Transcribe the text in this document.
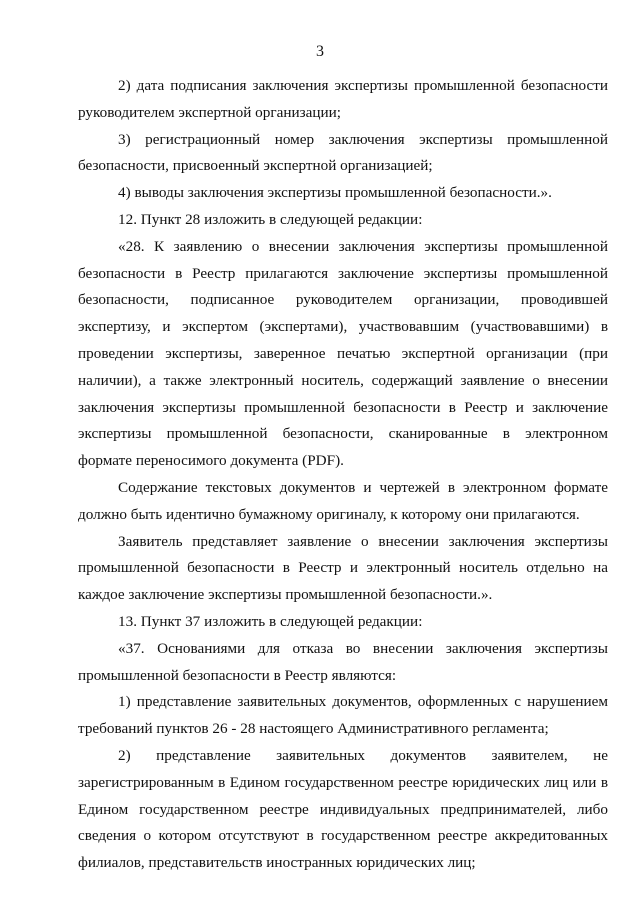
3

2) дата подписания заключения экспертизы промышленной безопасности руководителем экспертной организации;

3) регистрационный номер заключения экспертизы промышленной безопасности, присвоенный экспертной организацией;

4) выводы заключения экспертизы промышленной безопасности.».

12. Пункт 28 изложить в следующей редакции:

«28. К заявлению о внесении заключения экспертизы промышленной безопасности в Реестр прилагаются заключение экспертизы промышленной безопасности, подписанное руководителем организации, проводившей экспертизу, и экспертом (экспертами), участвовавшим (участвовавшими) в проведении экспертизы, заверенное печатью экспертной организации (при наличии), а также электронный носитель, содержащий заявление о внесении заключения экспертизы промышленной безопасности в Реестр и заключение экспертизы промышленной безопасности, сканированные в электронном формате переносимого документа (PDF).

Содержание текстовых документов и чертежей в электронном формате должно быть идентично бумажному оригиналу, к которому они прилагаются.

Заявитель представляет заявление о внесении заключения экспертизы промышленной безопасности в Реестр и электронный носитель отдельно на каждое заключение экспертизы промышленной безопасности.».

13. Пункт 37 изложить в следующей редакции:

«37. Основаниями для отказа во внесении заключения экспертизы промышленной безопасности в Реестр являются:

1) представление заявительных документов, оформленных с нарушением требований пунктов 26 - 28 настоящего Административного регламента;

2) представление заявительных документов заявителем, не зарегистрированным в Едином государственном реестре юридических лиц или в Едином государственном реестре индивидуальных предпринимателей, либо сведения о котором отсутствуют в государственном реестре аккредитованных филиалов, представительств иностранных юридических лиц;
